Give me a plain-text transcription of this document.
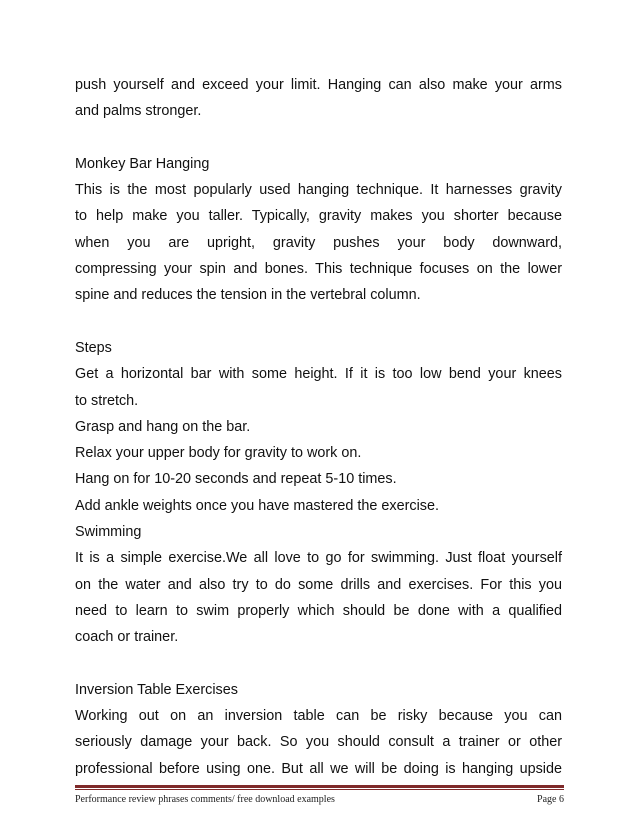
push yourself and exceed your limit. Hanging can also make your arms
and palms stronger.
Monkey Bar Hanging
This is the most popularly used hanging technique. It harnesses gravity
to help make you taller. Typically, gravity makes you shorter because
when you are upright, gravity pushes your body downward,
compressing your spin and bones. This technique focuses on the lower
spine and reduces the tension in the vertebral column.
Steps
Get a horizontal bar with some height. If it is too low bend your knees
to stretch.
Grasp and hang on the bar.
Relax your upper body for gravity to work on.
Hang on for 10-20 seconds and repeat 5-10 times.
Add ankle weights once you have mastered the exercise.
Swimming
It is a simple exercise.We all love to go for swimming. Just float yourself
on the water and also try to do some drills and exercises. For this you
need to learn to swim properly which should be done with a qualified
coach or trainer.
Inversion Table Exercises
Working out on an inversion table can be risky because you can
seriously damage your back. So you should consult a trainer or other
professional before using one. But all we will be doing is hanging upside
Performance review phrases comments/ free download examples	Page 6
